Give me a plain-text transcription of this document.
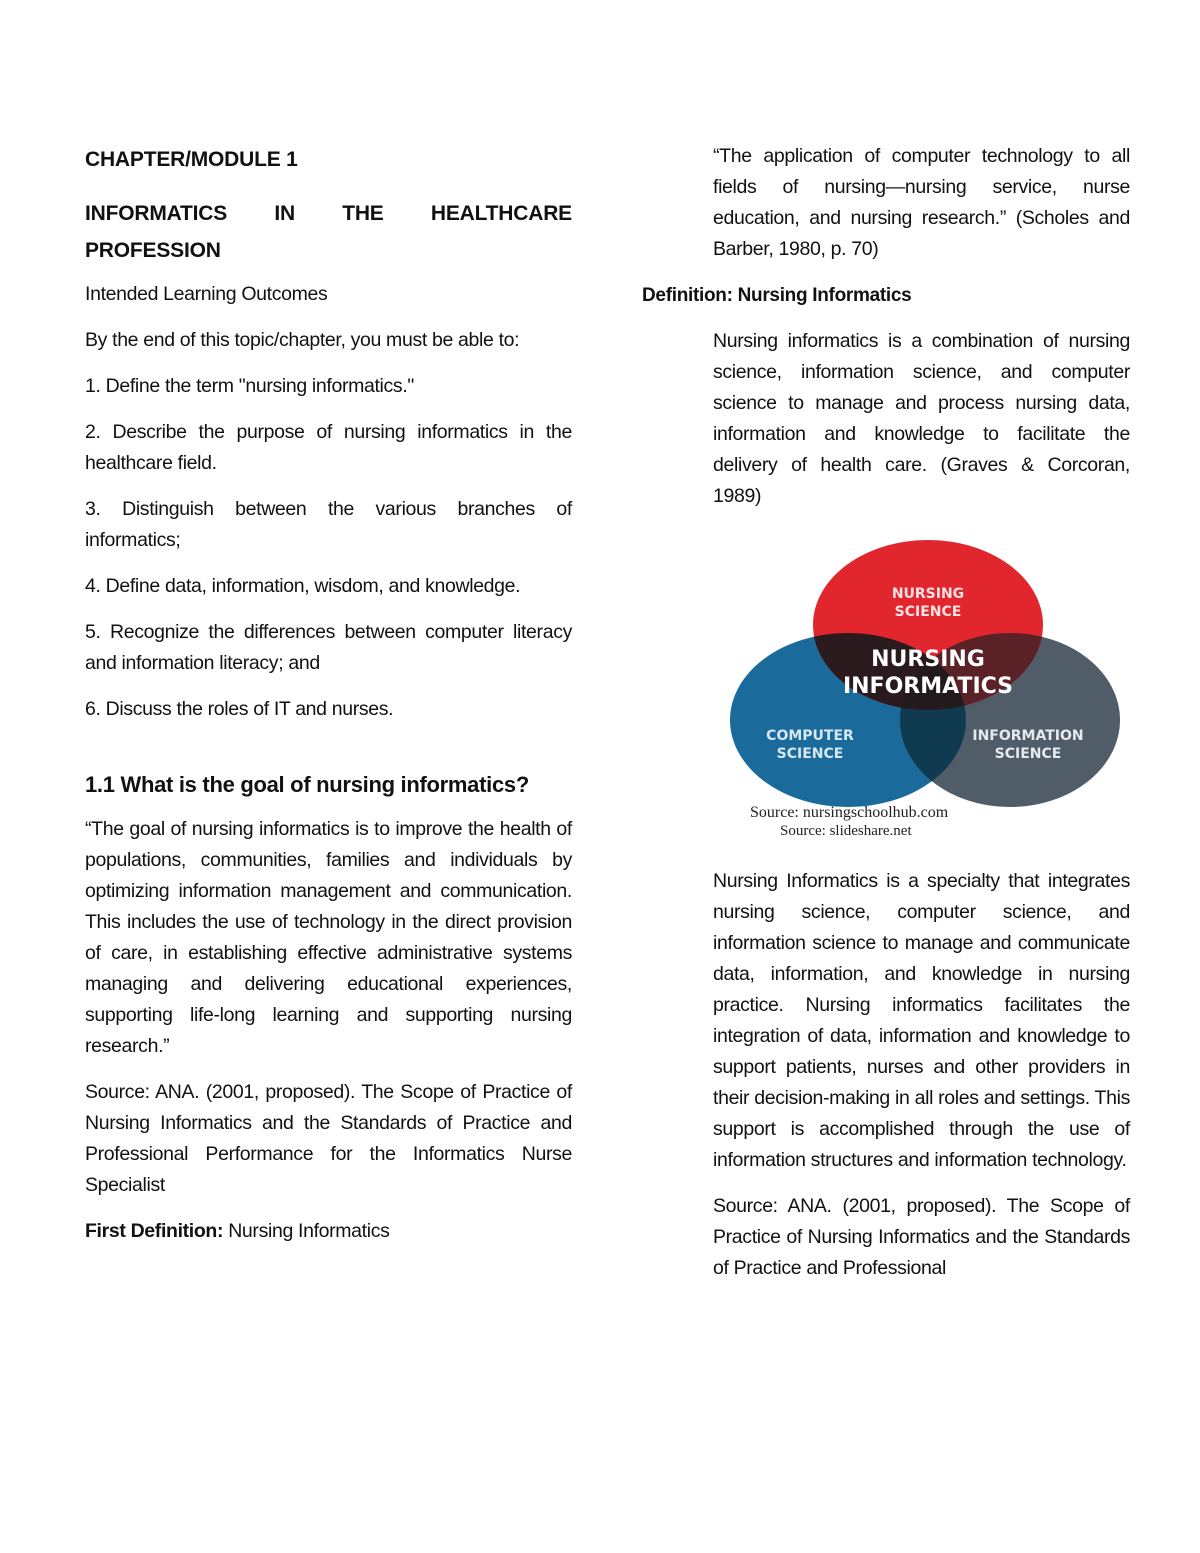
CHAPTER/MODULE 1
INFORMATICS IN THE HEALTHCARE
PROFESSION

Intended Learning Outcomes

By the end of this topic/chapter, you must be able to:

1. Define the term "nursing informatics."

2. Describe the purpose of nursing informatics in the healthcare field.

3. Distinguish between the various branches of informatics;

4. Define data, information, wisdom, and knowledge.

5. Recognize the differences between computer literacy and information literacy; and

6. Discuss the roles of IT and nurses.

1.1 What is the goal of nursing informatics?

“The goal of nursing informatics is to improve the health of populations, communities, families and individuals by optimizing information management and communication. This includes the use of technology in the direct provision of care, in establishing effective administrative systems managing and delivering educational experiences, supporting life-long learning and supporting nursing research.”

Source: ANA. (2001, proposed). The Scope of Practice of Nursing Informatics and the Standards of Practice and Professional Performance for the Informatics Nurse Specialist

First Definition: Nursing Informatics

“The application of computer technology to all fields of nursing—nursing service, nurse education, and nursing research.” (Scholes and Barber, 1980, p. 70)

Definition: Nursing Informatics

Nursing informatics is a combination of nursing science, information science, and computer science to manage and process nursing data, information and knowledge to facilitate the delivery of health care. (Graves & Corcoran, 1989)

NURSING
SCIENCE
NURSING
INFORMATICS
COMPUTER
SCIENCE
INFORMATION
SCIENCE
Source: nursingschoolhub.com
Source: slideshare.net

Nursing Informatics is a specialty that integrates nursing science, computer science, and information science to manage and communicate data, information, and knowledge in nursing practice. Nursing informatics facilitates the integration of data, information and knowledge to support patients, nurses and other providers in their decision-making in all roles and settings. This support is accomplished through the use of information structures and information technology.

Source: ANA. (2001, proposed). The Scope of Practice of Nursing Informatics and the Standards of Practice and Professional
